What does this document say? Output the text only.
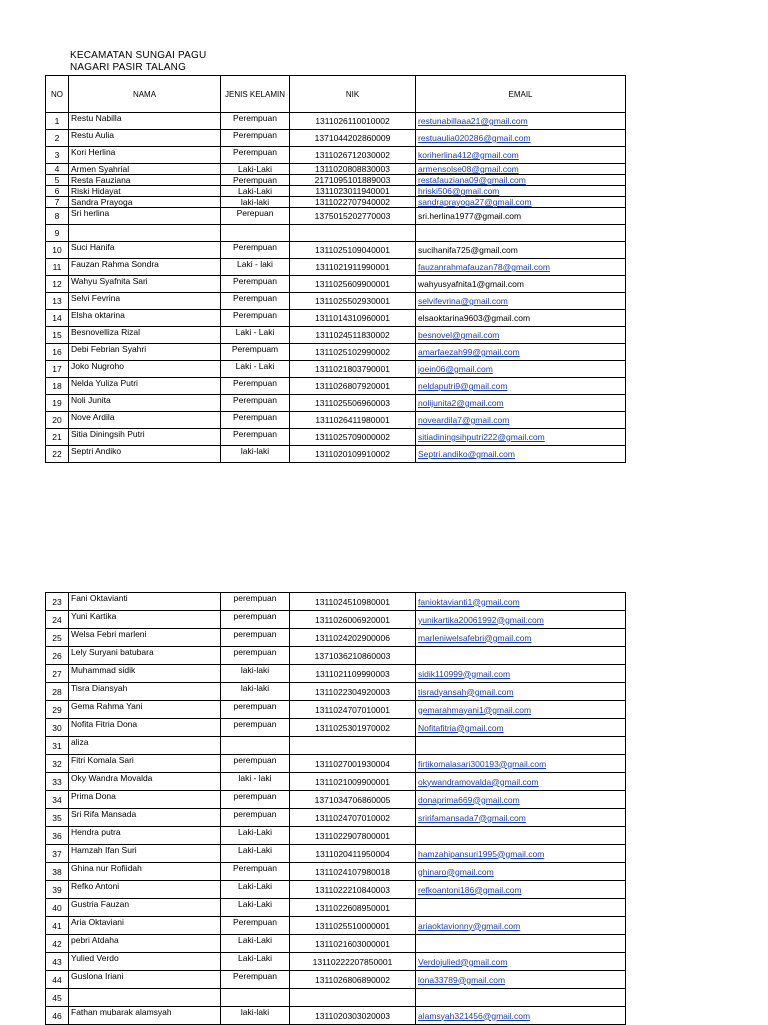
KECAMATAN SUNGAI PAGU
NAGARI PASIR TALANG
NO	NAMA	JENIS KELAMIN	NIK	EMAIL
1	Restu Nabilla	Perempuan	1311026110010002	restunabillaaa21@gmail.com
2	Restu Aulia	Perempuan	1371044202860009	restuaulia020286@gmail.com
3	Kori Herlina	Perempuan	1311026712030002	koriherlina412@gmail.com
4	Armen Syahrial	Laki-Laki	1311020808830003	armensolse08@gmail.com
5	Resta Fauziana	Perempuan	2171095101889003	restafauziana09@gmail.com
6	Riski Hidayat	Laki-Laki	1311023011940001	hriski506@gmail.com
7	Sandra Prayoga	laki-laki	1311022707940002	sandraprayoga27@gmail.com
8	Sri herlina	Perepuan	1375015202770003	sri.herlina1977@gmail.com
9				
10	Suci Hanifa	Perempuan	1311025109040001	sucihanifa725@gmail.com
11	Fauzan Rahma Sondra	Laki - laki	1311021911990001	fauzanrahmafauzan78@gmail.com
12	Wahyu Syafnita Sari	Perempuan	1311025609900001	wahyusyafnita1@gmail.com
13	Selvi Fevrina	Perempuan	1311025502930001	selvifevrina@gmail.com
14	Elsha oktarina	Perempuan	1311014310960001	elsaoktarina9603@gmail.com
15	Besnovelliza Rizal	Laki - Laki	1311024511830002	besnovel@gmail.com
16	Debi Febrian Syahri	Perempuam	1311025102990002	amarfaezah99@gmail.com
17	Joko Nugroho	Laki - Laki	1311021803790001	joein06@gmail.com
18	Nelda Yuliza Putri	Perempuan	1311026807920001	neldaputri9@gmail.com
19	Noli Junita	Perempuan	1311025506960003	nolijunita2@gmail.com
20	Nove Ardila	Perempuan	1311026411980001	noveardila7@gmail.com
21	Sitia Diningsih Putri	Perempuan	1311025709000002	sitiadiningsihputri222@gmail.com
22	Septri Andiko	laki-laki	1311020109910002	Septri.andiko@gmail.com
23	Fani Oktavianti	perempuan	1311024510980001	fanioktavianti1@gmail.com
24	Yuni Kartika	perempuan	1311026006920001	yunikartika20061992@gmail.com
25	Welsa Febri marleni	perempuan	1311024202900006	marleniwelsafebri@gmail.com
26	Lely Suryani batubara	perempuan	1371036210860003	
27	Muhammad sidik	laki-laki	1311021109990003	sidik110999@gmail.com
28	Tisra Diansyah	laki-laki	1311022304920003	tisradyansah@gmail.com
29	Gema Rahma Yani	perempuan	1311024707010001	gemarahmayani1@gmail.com
30	Nofita Fitria Dona	perempuan	1311025301970002	Nofitafitria@gmail.com
31	aliza			
32	Fitri Komala Sari	perempuan	1311027001930004	firtikomalasari300193@gmail.com
33	Oky Wandra Movalda	laki - laki	1311021009900001	okywandramovalda@gmail.com
34	Prima Dona	perempuan	1371034706860005	donaprima669@gmail.com
35	Sri Rifa Mansada	perempuan	1311024707010002	sririfamansada7@gmail.com
36	Hendra putra	Laki-Laki	1311022907800001	
37	Hamzah Ifan Suri	Laki-Laki	1311020411950004	hamzahipansuri1995@gmail.com
38	Ghina nur Rofiidah	Perempuan	1311024107980018	ghinaro@gmail.com
39	Refko Antoni	Laki-Laki	1311022210840003	refkoantoni186@gmail.com
40	Gustria Fauzan	Laki-Laki	1311022608950001	
41	Aria Oktaviani	Perempuan	1311025510000001	ariaoktavionny@gmail.com
42	pebri Atdaha	Laki-Laki	1311021603000001	
43	Yulied Verdo	Laki-Laki	13110222207850001	Verdojulied@gmail.com
44	Guslona Iriani	Perempuan	1311026806890002	lona33789@gmail.com
45				
46	Fathan mubarak alamsyah	laki-laki	1311020303020003	alamsyah321456@gmail.com
